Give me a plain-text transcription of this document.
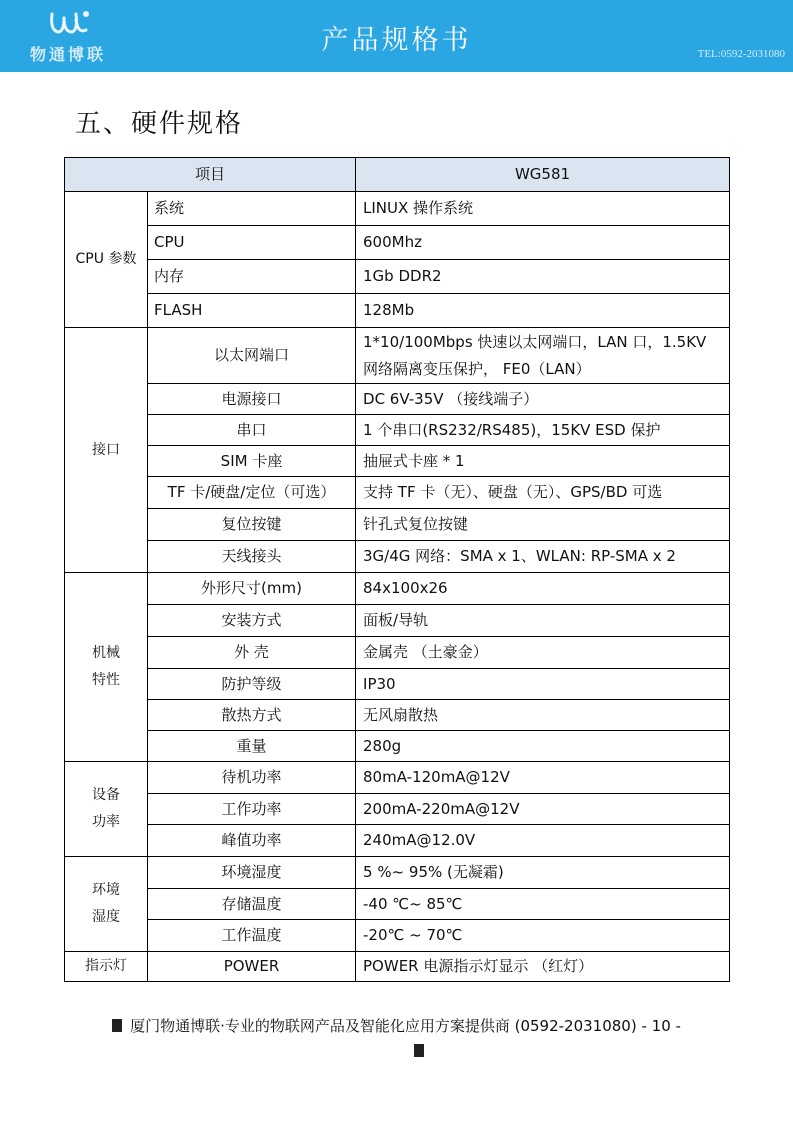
物通博联	产品规格书	TEL:0592-2031080
五、硬件规格
项目		WG581
CPU 参数	系统	LINUX 操作系统
	CPU	600Mhz
	内存	1Gb DDR2
	FLASH	128Mb
接口	以太网端口	1*10/100Mbps 快速以太网端口，LAN 口，1.5KV
网络隔离变压保护， FE0（LAN）

	电源接口	DC 6V-35V （接线端子）
	串口	1 个串口(RS232/RS485)，15KV ESD 保护
	SIM 卡座	抽屉式卡座 * 1
	TF 卡/硬盘/定位（可选）	支持 TF 卡（无）、硬盘（无）、GPS/BD 可选
	复位按键	针孔式复位按键
	天线接头	3G/4G 网络：SMA x 1、WLAN: RP-SMA x 2

机械
特性	外形尺寸(mm)	84x100x26
	安装方式	面板/导轨
	外 壳	金属壳 （土豪金）
	防护等级	IP30
	散热方式	无风扇散热
	重量	280g

设备
功率	待机功率	80mA-120mA@12V
	工作功率	200mA-220mA@12V
	峰值功率	240mA@12.0V

环境
湿度	环境湿度	5 %~ 95% (无凝霜)
	存储温度	-40 ℃~ 85℃
	工作温度	-20℃ ~ 70℃
指示灯	POWER	POWER 电源指示灯显示 （红灯）
厦门物通博联·专业的物联网产品及智能化应用方案提供商 (0592-2031080) - 10 -
